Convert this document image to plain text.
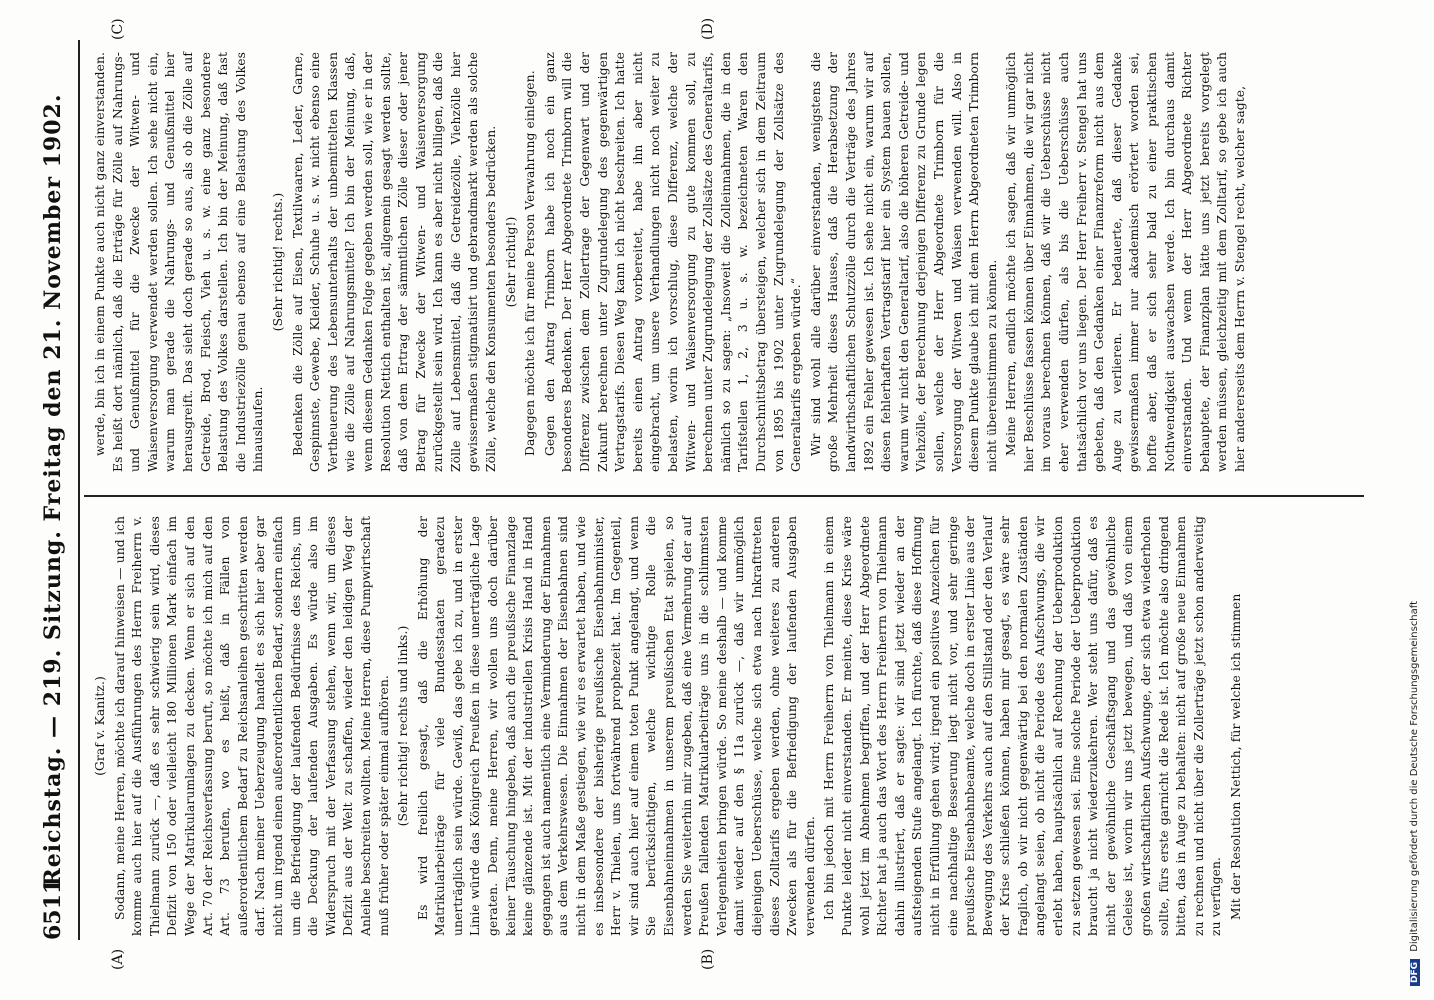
6511
Reichstag. — 219. Sitzung. Freitag den 21. November 1902.
(C)	(D)
(A)	(B)

(Graf v. Kanitz.) Sodann, meine Herren, möchte ich darauf hinweisen — und ich komme auch hier auf die Ausführungen des Herrn Freiherrn v. Thielmann zurück —, daß es sehr schwierig sein wird, dieses Defizit von 150 oder vielleicht 180 Millionen Mark einfach im Wege der Matrikularumlagen zu decken. Wenn er sich auf den Art. 70 der Reichsverfassung beruft, so möchte ich mich auf den Art. 73 berufen, wo es heißt, daß in Fällen von außerordentlichem Bedarf zu Reichsanleihen geschritten werden darf. Nach meiner Ueberzeugung handelt es sich hier aber gar nicht um irgend einen außerordentlichen Bedarf, sondern einfach um die Befriedigung der laufenden Bedürfnisse des Reichs, um die Deckung der laufenden Ausgaben. Es würde also im Widerspruch mit der Verfassung stehen, wenn wir, um dieses Defizit aus der Welt zu schaffen, wieder den leidigen Weg der Anleihe beschreiten wollten. Meine Herren, diese Pumpwirtschaft muß früher oder später einmal aufhören. (Sehr richtig! rechts und links.) Es wird freilich gesagt, daß die Erhöhung der Matrikularbeiträge für viele Bundesstaaten geradezu unerträglich sein würde. Gewiß, das gebe ich zu, und in erster Linie würde das Königreich Preußen in diese unerträgliche Lage geraten. Denn, meine Herren, wir wollen uns doch darüber keiner Täuschung hingeben, daß auch die preußische Finanzlage keine glänzende ist. Mit der industriellen Krisis Hand in Hand gegangen ist auch namentlich eine Verminderung der Einnahmen aus dem Verkehrswesen. Die Einnahmen der Eisenbahnen sind nicht in dem Maße gestiegen, wie wir es erwartet haben, und wie es insbesondere der bisherige preußische Eisenbahnminister, Herr v. Thielen, uns fortwährend prophezeit hat. Im Gegenteil, wir sind auch hier auf einem toten Punkt angelangt, und wenn Sie berücksichtigen, welche wichtige Rolle die Eisenbahneinnahmen in unserem preußischen Etat spielen, so werden Sie weiterhin mir zugeben, daß eine Vermehrung der auf Preußen fallenden Matrikularbeiträge uns in die schlimmsten Verlegenheiten bringen würde. So meine deshalb — und komme damit wieder auf den § 11a zurück —, daß wir unmöglich diejenigen Ueberschüsse, welche sich etwa nach Inkrafttreten dieses Zolltarifs ergeben werden, ohne weiteres zu anderen Zwecken als für die Befriedigung der laufenden Ausgaben verwenden dürfen. Ich bin jedoch mit Herrn Freiherrn von Thielmann in einem Punkte leider nicht einverstanden. Er meinte, diese Krise wäre wohl jetzt im Abnehmen begriffen, und der Herr Abgeordnete Richter hat ja auch das Wort des Herrn Freiherrn von Thielmann dahin illustriert, daß er sagte: wir sind jetzt wieder an der aufsteigenden Stufe angelangt. Ich fürchte, daß diese Hoffnung nicht in Erfüllung gehen wird; irgend ein positives Anzeichen für eine nachhaltige Besserung liegt nicht vor, und sehr geringe preußische Eisenbahnbeamte, welche doch in erster Linie aus der Bewegung des Verkehrs auch auf den Stillstand oder den Verlauf der Krise schließen können, haben mir gesagt, es wäre sehr fraglich, ob wir nicht gegenwärtig bei den normalen Zuständen angelangt seien, ob nicht die Periode des Aufschwungs, die wir erlebt haben, hauptsächlich auf Rechnung der Ueberproduktion zu setzen gewesen sei. Eine solche Periode der Ueberproduktion braucht ja nicht wiederzukehren. Wer steht uns dafür, daß es nicht der gewöhnliche Geschäftsgang und das gewöhnliche Geleise ist, worin wir uns jetzt bewegen, und daß von einem großen wirtschaftlichen Aufschwunge, der sich etwa wiederholen sollte, fürs erste garnicht die Rede ist. Ich möchte also dringend bitten, das in Auge zu behalten: nicht auf große neue Einnahmen zu rechnen und nicht über die Zollerträge jetzt schon anderweitig zu verfügen. Mit der Resolution Nettich, für welche ich stimmen

werde, bin ich in einem Punkte auch nicht ganz einverstanden. Es heißt dort nämlich, daß die Erträge für Zölle auf Nahrungs- und Genußmittel für die Zwecke der Witwen- und Waisenversorgung verwendet werden sollen. Ich sehe nicht ein, warum man gerade die Nahrungs- und Genußmittel hier herausgreift. Das sieht doch gerade so aus, als ob die Zölle auf Getreide, Brod, Fleisch, Vieh u. s. w. eine ganz besondere Belastung des Volkes darstellen. Ich bin der Meinung, daß fast die Industriezölle genau ebenso auf eine Belastung des Volkes hinauslaufen.

(Sehr richtig! rechts.) Bedenken die Zölle auf Eisen, Textilwaaren, Leder, Garne, Gespinnste, Gewebe, Kleider, Schuhe u. s. w. nicht ebenso eine Vertheuerung des Lebensunterhalts der unbemittelten Klassen wie die Zölle auf Nahrungsmittel? Ich bin der Meinung, daß, wenn diesem Gedanken Folge gegeben werden soll, wie er in der Resolution Nettich enthalten ist, allgemein gesagt werden sollte, daß von dem Ertrag der sämmtlichen Zölle dieser oder jener Betrag für Zwecke der Witwen- und Waisenversorgung zurückgestellt sein wird. Ich kann es aber nicht billigen, daß die Zölle auf Lebensmittel, daß die Getreidezölle, Viehzölle hier gewissermaßen stigmatisirt und gebrandmarkt werden als solche Zölle, welche den Konsumenten besonders bedrücken. (Sehr richtig!) Dagegen möchte ich für meine Person Verwahrung einlegen. Gegen den Antrag Trimborn habe ich noch ein ganz besonderes Bedenken. Der Herr Abgeordnete Trimborn will die Differenz zwischen dem Zollertrage der Gegenwart und der Zukunft berechnen unter Zugrundelegung des gegenwärtigen Vertragstarifs. Diesen Weg kann ich nicht beschreiten. Ich hatte bereits einen Antrag vorbereitet, habe ihn aber nicht eingebracht, um unsere Verhandlungen nicht noch weiter zu belasten, worin ich vorschlug, diese Differenz, welche der Witwen- und Waisenversorgung zu gute kommen soll, zu berechnen unter Zugrundelegung der Zollsätze des Generaltarifs, nämlich so zu sagen: „Insoweit die Zolleinnahmen, die in den Tarifstellen 1, 2, 3 u. s. w. bezeichneten Waren den Durchschnittsbetrag übersteigen, welcher sich in dem Zeitraum von 1895 bis 1902 unter Zugrundelegung der Zollsätze des Generaltarifs ergeben würde.“ Wir sind wohl alle darüber einverstanden, wenigstens die große Mehrheit dieses Hauses, daß die Herabsetzung der landwirthschaftlichen Schutzzölle durch die Verträge des Jahres 1892 ein Fehler gewesen ist. Ich sehe nicht ein, warum wir auf diesen fehlerhaften Vertragstarif hier ein System bauen sollen, warum wir nicht den Generaltarif, also die höheren Getreide- und Viehzölle, der Berechnung derjenigen Differenz zu Grunde legen sollen, welche der Herr Abgeordnete Trimborn für die Versorgung der Witwen und Waisen verwenden will. Also in diesem Punkte glaube ich mit dem Herrn Abgeordneten Trimborn nicht übereinstimmen zu können. Meine Herren, endlich möchte ich sagen, daß wir unmöglich hier Beschlüsse fassen können über Einnahmen, die wir gar nicht im voraus berechnen können, daß wir die Ueberschüsse nicht eher verwenden dürfen, als bis die Ueberschüsse auch thatsächlich vor uns liegen. Der Herr Freiherr v. Stengel hat uns gebeten, daß den Gedanken einer Finanzreform nicht aus dem Auge zu verlieren. Er bedauerte, daß dieser Gedanke gewissermaßen immer nur akademisch erörtert worden sei, hoffte aber, daß er sich sehr bald zu einer praktischen Nothwendigkeit auswachsen werde. Ich bin durchaus damit einverstanden. Und wenn der Herr Abgeordnete Richter behauptete, der Finanzplan hätte uns jetzt bereits vorgelegt werden müssen, gleichzeitig mit dem Zolltarif, so gebe ich auch hier andererseits dem Herrn v. Stengel recht, welcher sagte,

DFG Digitalisierung gefördert durch die Deutsche Forschungsgemeinschaft
